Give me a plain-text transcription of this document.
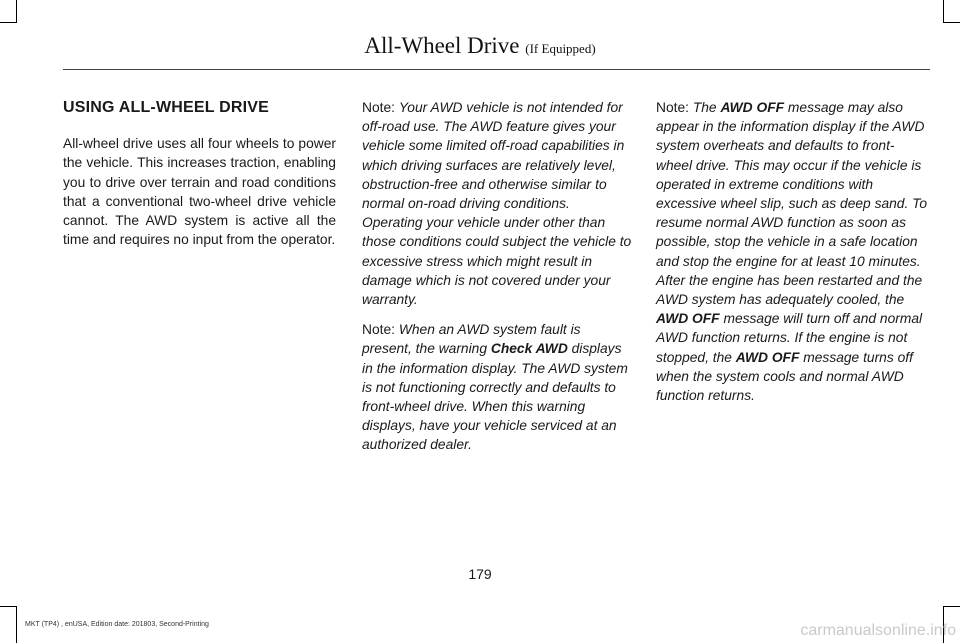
All-Wheel Drive (If Equipped)
USING ALL-WHEEL DRIVE

All-wheel drive uses all four wheels to power the vehicle. This increases traction, enabling you to drive over terrain and road conditions that a conventional two-wheel drive vehicle cannot. The AWD system is active all the time and requires no input from the operator.

Note: Your AWD vehicle is not intended for off-road use. The AWD feature gives your vehicle some limited off-road capabilities in which driving surfaces are relatively level, obstruction-free and otherwise similar to normal on-road driving conditions. Operating your vehicle under other than those conditions could subject the vehicle to excessive stress which might result in damage which is not covered under your warranty.

Note: When an AWD system fault is present, the warning Check AWD displays in the information display. The AWD system is not functioning correctly and defaults to front-wheel drive. When this warning displays, have your vehicle serviced at an authorized dealer.

Note: The AWD OFF message may also appear in the information display if the AWD system overheats and defaults to front-wheel drive. This may occur if the vehicle is operated in extreme conditions with excessive wheel slip, such as deep sand. To resume normal AWD function as soon as possible, stop the vehicle in a safe location and stop the engine for at least 10 minutes. After the engine has been restarted and the AWD system has adequately cooled, the AWD OFF message will turn off and normal AWD function returns. If the engine is not stopped, the AWD OFF message turns off when the system cools and normal AWD function returns.

179
MKT (TP4) , enUSA, Edition date: 201803, Second-Printing	carmanualsonline.info
